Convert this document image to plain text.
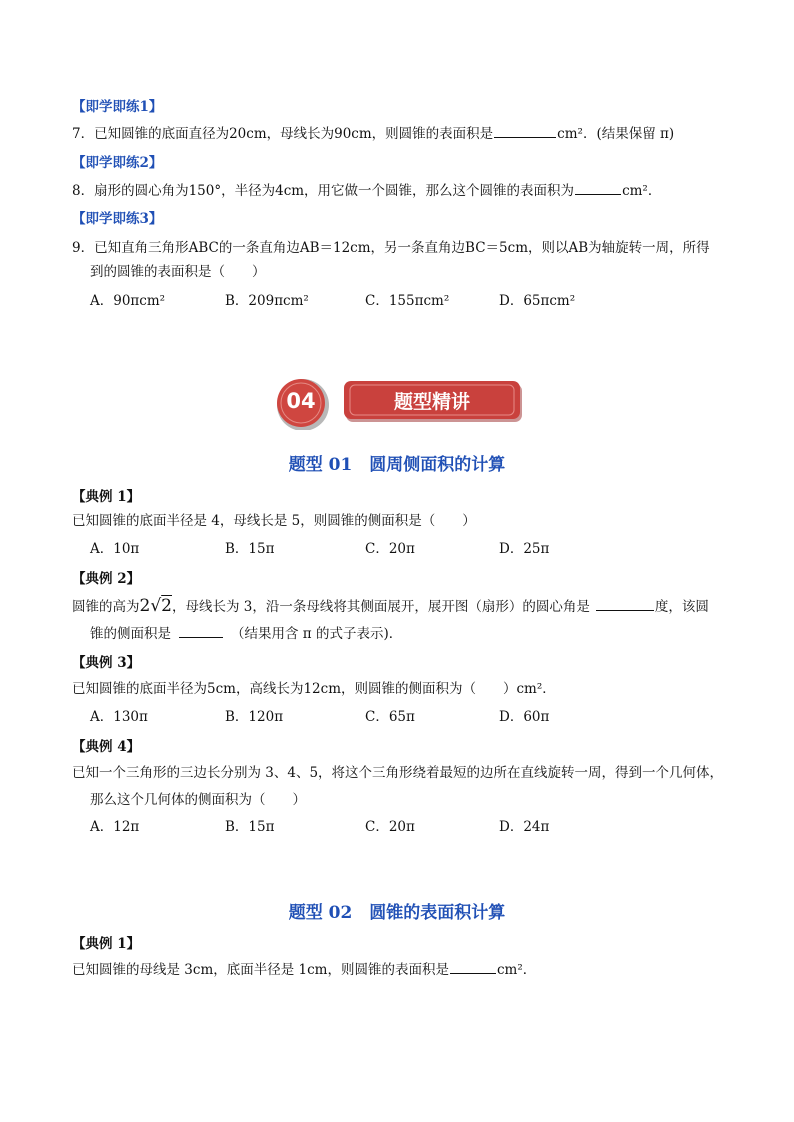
【即学即练1】
7．已知圆锥的底面直径为20cm，母线长为90cm，则圆锥的表面积是	cm²．(结果保留 π)
【即学即练2】
8．扇形的圆心角为150°，半径为4cm，用它做一个圆锥，那么这个圆锥的表面积为	cm²．
【即学即练3】
9．已知直角三角形ABC的一条直角边AB＝12cm，另一条直角边BC＝5cm，则以AB为轴旋转一周，所得
到的圆锥的表面积是（　　）
A．90πcm²	B．209πcm²	C．155πcm²	D．65πcm²
04	题型精讲
题型 01　圆周侧面积的计算
【典例 1】
已知圆锥的底面半径是 4，母线长是 5，则圆锥的侧面积是（　　）
A．10π	B．15π	C．20π	D．25π
【典例 2】
圆锥的高为2√2，母线长为 3，沿一条母线将其侧面展开，展开图（扇形）的圆心角是	度，该圆
锥的侧面积是	（结果用含 π 的式子表示)．
【典例 3】
已知圆锥的底面半径为5cm，高线长为12cm，则圆锥的侧面积为（　　）cm²．
A．130π	B．120π	C．65π	D．60π
【典例 4】
已知一个三角形的三边长分别为 3、4、5，将这个三角形绕着最短的边所在直线旋转一周，得到一个几何体，
那么这个几何体的侧面积为（　　）
A．12π	B．15π	C．20π	D．24π
题型 02　圆锥的表面积计算
【典例 1】
已知圆锥的母线是 3cm，底面半径是 1cm，则圆锥的表面积是	cm²．
